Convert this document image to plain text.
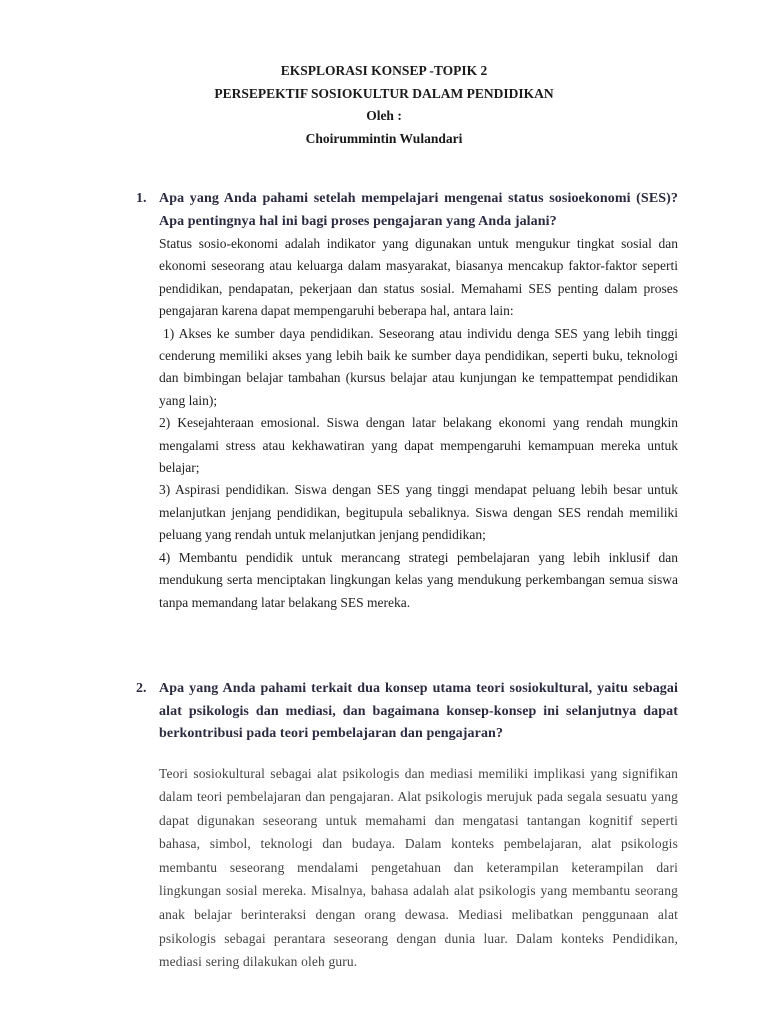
EKSPLORASI KONSEP -TOPIK 2
PERSEPEKTIF SOSIOKULTUR DALAM PENDIDIKAN
Oleh :
Choirummintin Wulandari
1. Apa yang Anda pahami setelah mempelajari mengenai status sosioekonomi (SES)? Apa pentingnya hal ini bagi proses pengajaran yang Anda jalani?

Status sosio-ekonomi adalah indikator yang digunakan untuk mengukur tingkat sosial dan ekonomi seseorang atau keluarga dalam masyarakat, biasanya mencakup faktor-faktor seperti pendidikan, pendapatan, pekerjaan dan status sosial. Memahami SES penting dalam proses pengajaran karena dapat mempengaruhi beberapa hal, antara lain:

1) Akses ke sumber daya pendidikan. Seseorang atau individu denga SES yang lebih tinggi cenderung memiliki akses yang lebih baik ke sumber daya pendidikan, seperti buku, teknologi dan bimbingan belajar tambahan (kursus belajar atau kunjungan ke tempattempat pendidikan yang lain);

2) Kesejahteraan emosional. Siswa dengan latar belakang ekonomi yang rendah mungkin mengalami stress atau kekhawatiran yang dapat mempengaruhi kemampuan mereka untuk belajar;

3) Aspirasi pendidikan. Siswa dengan SES yang tinggi mendapat peluang lebih besar untuk melanjutkan jenjang pendidikan, begitupula sebaliknya. Siswa dengan SES rendah memiliki peluang yang rendah untuk melanjutkan jenjang pendidikan;

4) Membantu pendidik untuk merancang strategi pembelajaran yang lebih inklusif dan mendukung serta menciptakan lingkungan kelas yang mendukung perkembangan semua siswa tanpa memandang latar belakang SES mereka.

2. Apa yang Anda pahami terkait dua konsep utama teori sosiokultural, yaitu sebagai alat psikologis dan mediasi, dan bagaimana konsep-konsep ini selanjutnya dapat berkontribusi pada teori pembelajaran dan pengajaran?
Teori sosiokultural sebagai alat psikologis dan mediasi memiliki implikasi yang signifikan dalam teori pembelajaran dan pengajaran. Alat psikologis merujuk pada segala sesuatu yang dapat digunakan seseorang untuk memahami dan mengatasi tantangan kognitif seperti bahasa, simbol, teknologi dan budaya. Dalam konteks pembelajaran, alat psikologis membantu seseorang mendalami pengetahuan dan keterampilan keterampilan dari lingkungan sosial mereka. Misalnya, bahasa adalah alat psikologis yang membantu seorang anak belajar berinteraksi dengan orang dewasa. Mediasi melibatkan penggunaan alat psikologis sebagai perantara seseorang dengan dunia luar. Dalam konteks Pendidikan, mediasi sering dilakukan oleh guru.
